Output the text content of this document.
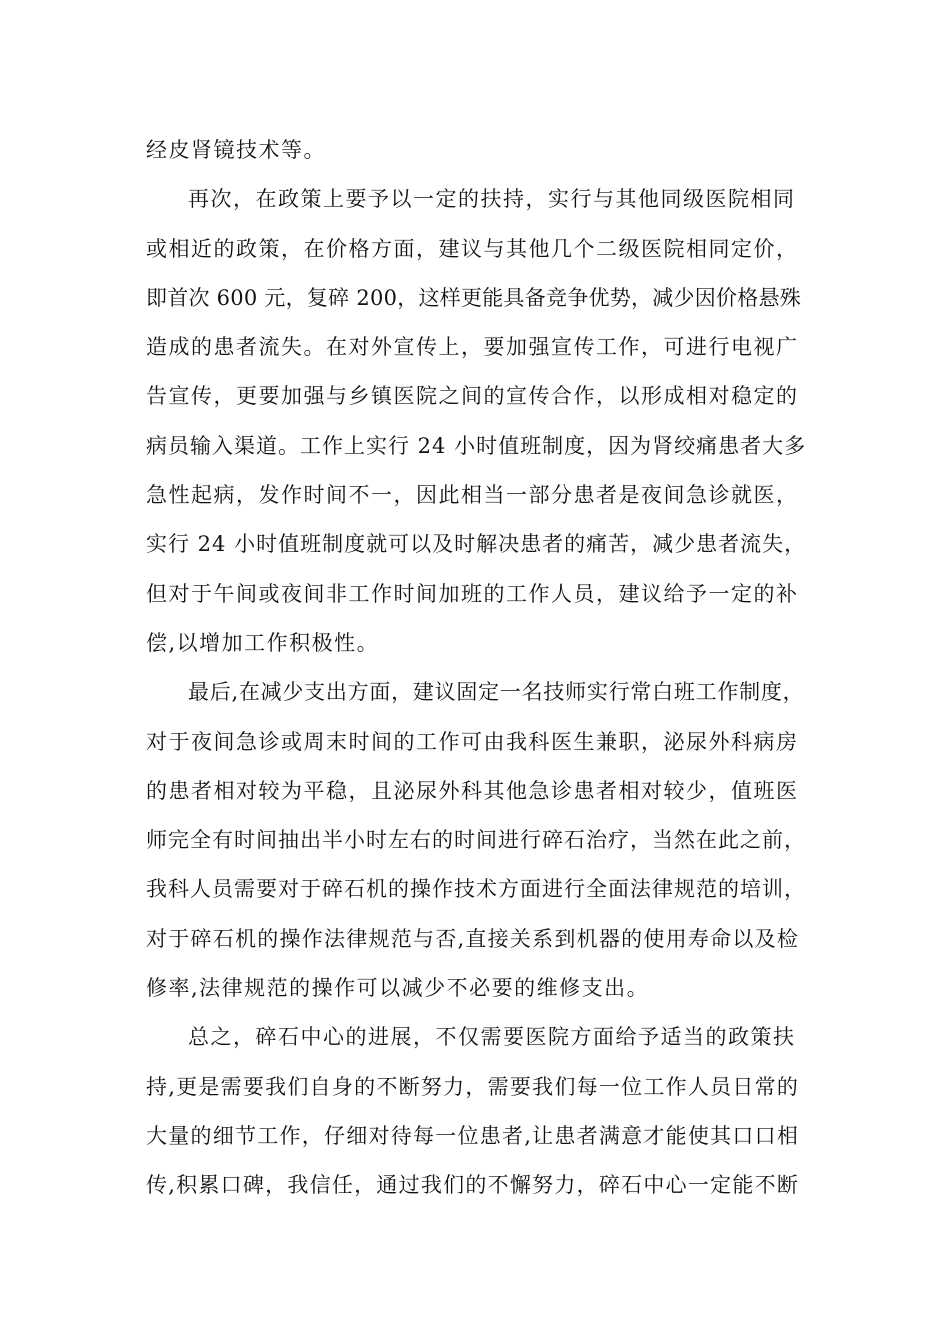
经皮肾镜技术等。
再次，在政策上要予以一定的扶持，实行与其他同级医院相同
或相近的政策，在价格方面，建议与其他几个二级医院相同定价，
即首次 600 元，复碎 200，这样更能具备竞争优势，减少因价格悬殊
造成的患者流失。在对外宣传上，要加强宣传工作，可进行电视广
告宣传，更要加强与乡镇医院之间的宣传合作，以形成相对稳定的
病员输入渠道。工作上实行 24 小时值班制度，因为肾绞痛患者大多
急性起病，发作时间不一，因此相当一部分患者是夜间急诊就医，
实行 24 小时值班制度就可以及时解决患者的痛苦，减少患者流失，
但对于午间或夜间非工作时间加班的工作人员，建议给予一定的补
偿,以增加工作积极性。
最后,在减少支出方面，建议固定一名技师实行常白班工作制度，
对于夜间急诊或周末时间的工作可由我科医生兼职，泌尿外科病房
的患者相对较为平稳，且泌尿外科其他急诊患者相对较少，值班医
师完全有时间抽出半小时左右的时间进行碎石治疗，当然在此之前，
我科人员需要对于碎石机的操作技术方面进行全面法律规范的培训，
对于碎石机的操作法律规范与否,直接关系到机器的使用寿命以及检
修率,法律规范的操作可以减少不必要的维修支出。
总之，碎石中心的进展，不仅需要医院方面给予适当的政策扶
持,更是需要我们自身的不断努力，需要我们每一位工作人员日常的
大量的细节工作，仔细对待每一位患者,让患者满意才能使其口口相
传,积累口碑，我信任，通过我们的不懈努力，碎石中心一定能不断
